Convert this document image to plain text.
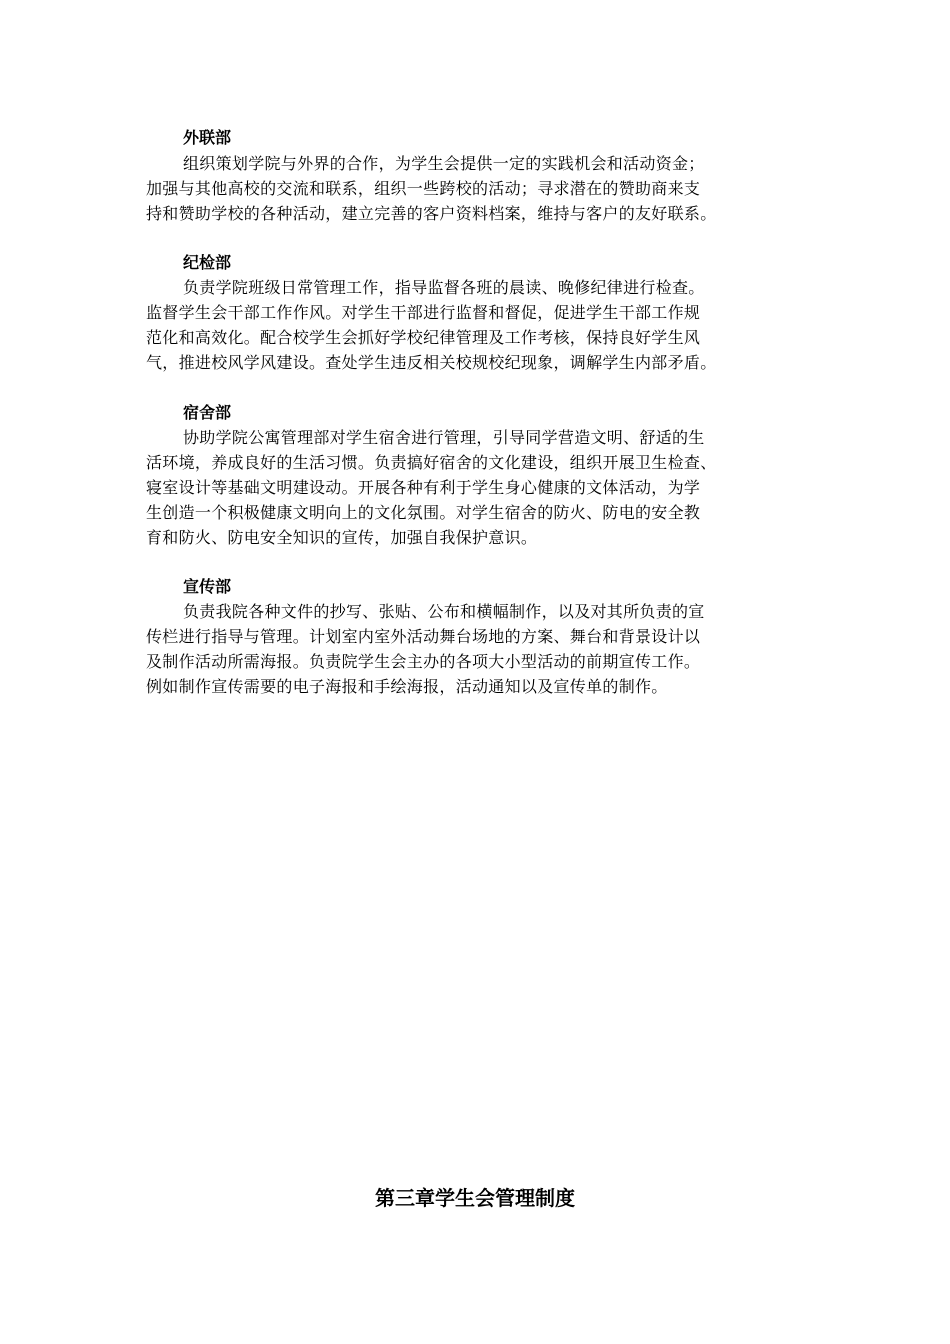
外联部
组织策划学院与外界的合作，为学生会提供一定的实践机会和活动资金；
加强与其他高校的交流和联系，组织一些跨校的活动；寻求潜在的赞助商来支
持和赞助学校的各种活动，建立完善的客户资料档案，维持与客户的友好联系。
纪检部
负责学院班级日常管理工作，指导监督各班的晨读、晚修纪律进行检查。
监督学生会干部工作作风。对学生干部进行监督和督促，促进学生干部工作规
范化和高效化。配合校学生会抓好学校纪律管理及工作考核，保持良好学生风
气，推进校风学风建设。查处学生违反相关校规校纪现象，调解学生内部矛盾。
宿舍部
协助学院公寓管理部对学生宿舍进行管理，引导同学营造文明、舒适的生
活环境，养成良好的生活习惯。负责搞好宿舍的文化建设，组织开展卫生检查、
寝室设计等基础文明建设动。开展各种有利于学生身心健康的文体活动，为学
生创造一个积极健康文明向上的文化氛围。对学生宿舍的防火、防电的安全教
育和防火、防电安全知识的宣传，加强自我保护意识。
宣传部
负责我院各种文件的抄写、张贴、公布和横幅制作，以及对其所负责的宣
传栏进行指导与管理。计划室内室外活动舞台场地的方案、舞台和背景设计以
及制作活动所需海报。负责院学生会主办的各项大小型活动的前期宣传工作。
例如制作宣传需要的电子海报和手绘海报，活动通知以及宣传单的制作。
第三章学生会管理制度
